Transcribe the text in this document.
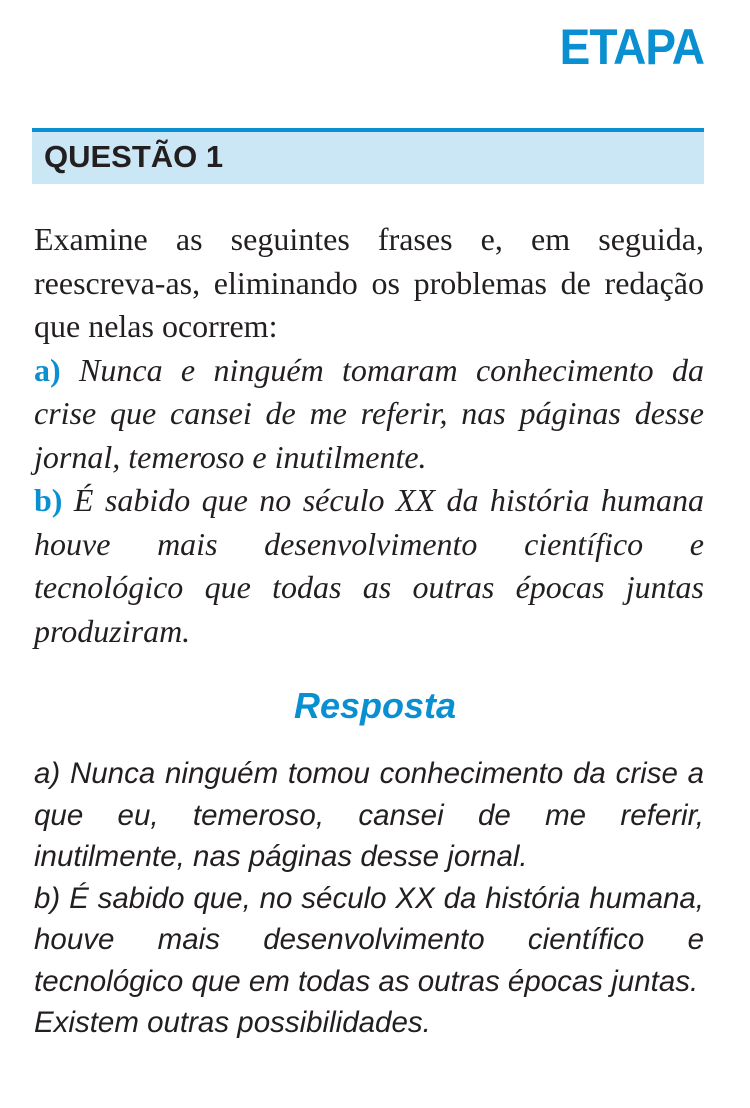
ETAPA
QUESTÃO 1

Examine as seguintes frases e, em seguida, reescreva-as, eliminando os problemas de redação que nelas ocorrem:

a) Nunca e ninguém tomaram conhecimento da crise que cansei de me referir, nas páginas desse jornal, temeroso e inutilmente.

b) É sabido que no século XX da história humana houve mais desenvolvimento científico e tecnológico que todas as outras épocas juntas produziram.

Resposta

a) Nunca ninguém tomou conhecimento da crise a que eu, temeroso, cansei de me referir, inutilmente, nas páginas desse jornal.

b) É sabido que, no século XX da história humana, houve mais desenvolvimento científico e tecnológico que em todas as outras épocas juntas.

Existem outras possibilidades.
